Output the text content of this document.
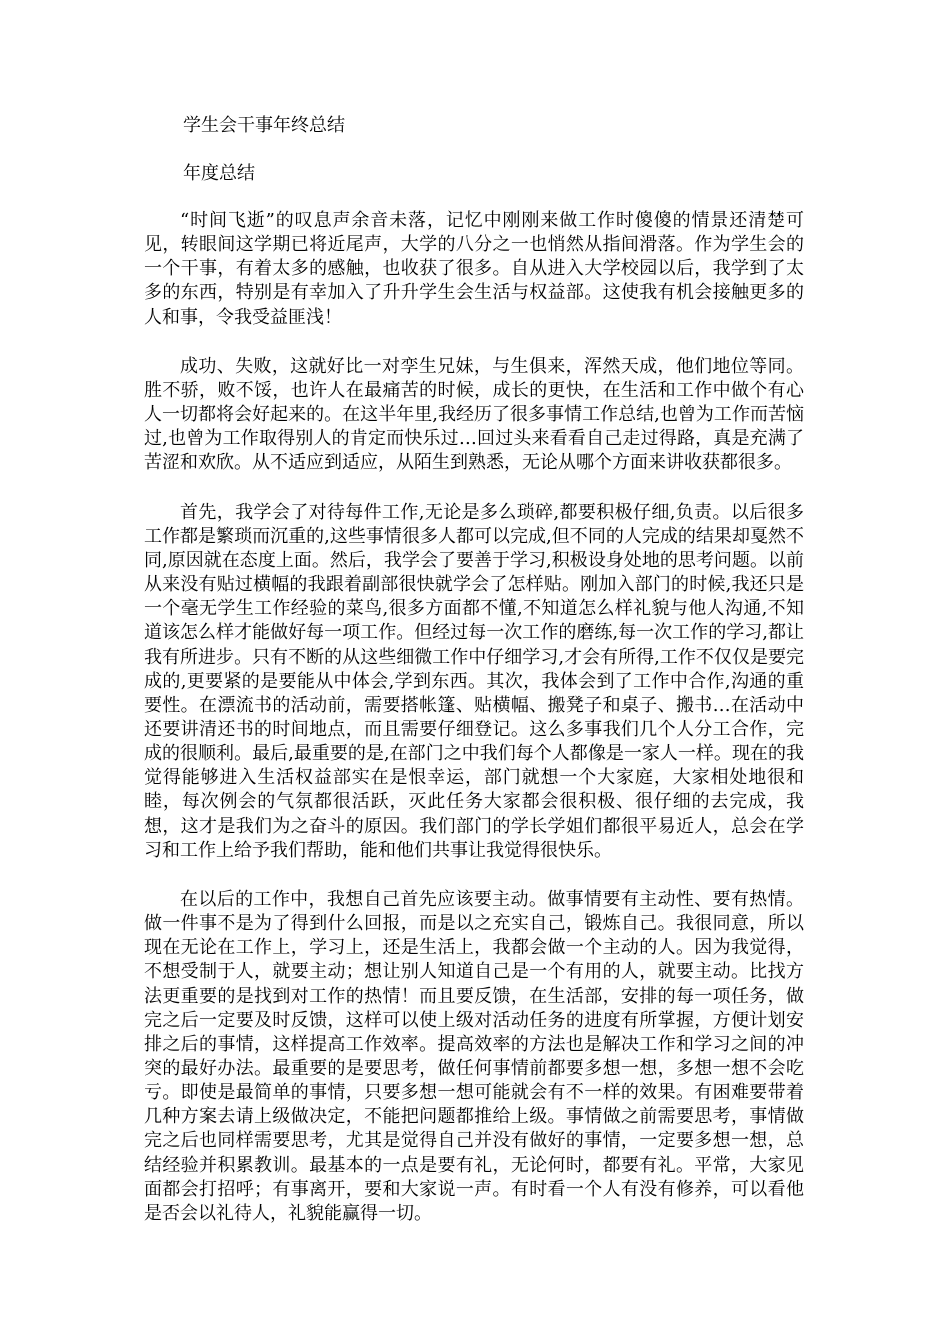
学生会干事年终总结

年度总结

“时间飞逝”的叹息声余音未落，记忆中刚刚来做工作时傻傻的情景还清楚可见，转眼间这学期已将近尾声，大学的八分之一也悄然从指间滑落。作为学生会的一个干事，有着太多的感触，也收获了很多。自从进入大学校园以后，我学到了太多的东西，特别是有幸加入了升升学生会生活与权益部。这使我有机会接触更多的人和事，令我受益匪浅！

成功、失败，这就好比一对孪生兄妹，与生俱来，浑然天成，他们地位等同。胜不骄，败不馁，也许人在最痛苦的时候，成长的更快，在生活和工作中做个有心人一切都将会好起来的。在这半年里,我经历了很多事情工作总结,也曾为工作而苦恼过,也曾为工作取得别人的肯定而快乐过…回过头来看看自己走过得路，真是充满了苦涩和欢欣。从不适应到适应，从陌生到熟悉，无论从哪个方面来讲收获都很多。

首先，我学会了对待每件工作,无论是多么琐碎,都要积极仔细,负责。以后很多工作都是繁琐而沉重的,这些事情很多人都可以完成,但不同的人完成的结果却戛然不同,原因就在态度上面。然后，我学会了要善于学习,积极设身处地的思考问题。以前从来没有贴过横幅的我跟着副部很快就学会了怎样贴。刚加入部门的时候,我还只是一个毫无学生工作经验的菜鸟,很多方面都不懂,不知道怎么样礼貌与他人沟通,不知道该怎么样才能做好每一项工作。但经过每一次工作的磨练,每一次工作的学习,都让我有所进步。只有不断的从这些细微工作中仔细学习,才会有所得,工作不仅仅是要完成的,更要紧的是要能从中体会,学到东西。其次，我体会到了工作中合作,沟通的重要性。在漂流书的活动前，需要搭帐篷、贴横幅、搬凳子和桌子、搬书…在活动中还要讲清还书的时间地点，而且需要仔细登记。这么多事我们几个人分工合作，完成的很顺利。最后,最重要的是,在部门之中我们每个人都像是一家人一样。现在的我觉得能够进入生活权益部实在是恨幸运，部门就想一个大家庭，大家相处地很和睦，每次例会的气氛都很活跃，灭此任务大家都会很积极、很仔细的去完成，我想，这才是我们为之奋斗的原因。我们部门的学长学姐们都很平易近人，总会在学习和工作上给予我们帮助，能和他们共事让我觉得很快乐。

在以后的工作中，我想自己首先应该要主动。做事情要有主动性、要有热情。做一件事不是为了得到什么回报，而是以之充实自己，锻炼自己。我很同意，所以现在无论在工作上，学习上，还是生活上，我都会做一个主动的人。因为我觉得，不想受制于人，就要主动；想让别人知道自己是一个有用的人，就要主动。比找方法更重要的是找到对工作的热情！而且要反馈，在生活部，安排的每一项任务，做完之后一定要及时反馈，这样可以使上级对活动任务的进度有所掌握，方便计划安排之后的事情，这样提高工作效率。提高效率的方法也是解决工作和学习之间的冲突的最好办法。最重要的是要思考，做任何事情前都要多想一想，多想一想不会吃亏。即使是最简单的事情，只要多想一想可能就会有不一样的效果。有困难要带着几种方案去请上级做决定，不能把问题都推给上级。事情做之前需要思考，事情做完之后也同样需要思考，尤其是觉得自己并没有做好的事情，一定要多想一想，总结经验并积累教训。最基本的一点是要有礼，无论何时，都要有礼。平常，大家见面都会打招呼；有事离开，要和大家说一声。有时看一个人有没有修养，可以看他是否会以礼待人，礼貌能赢得一切。
